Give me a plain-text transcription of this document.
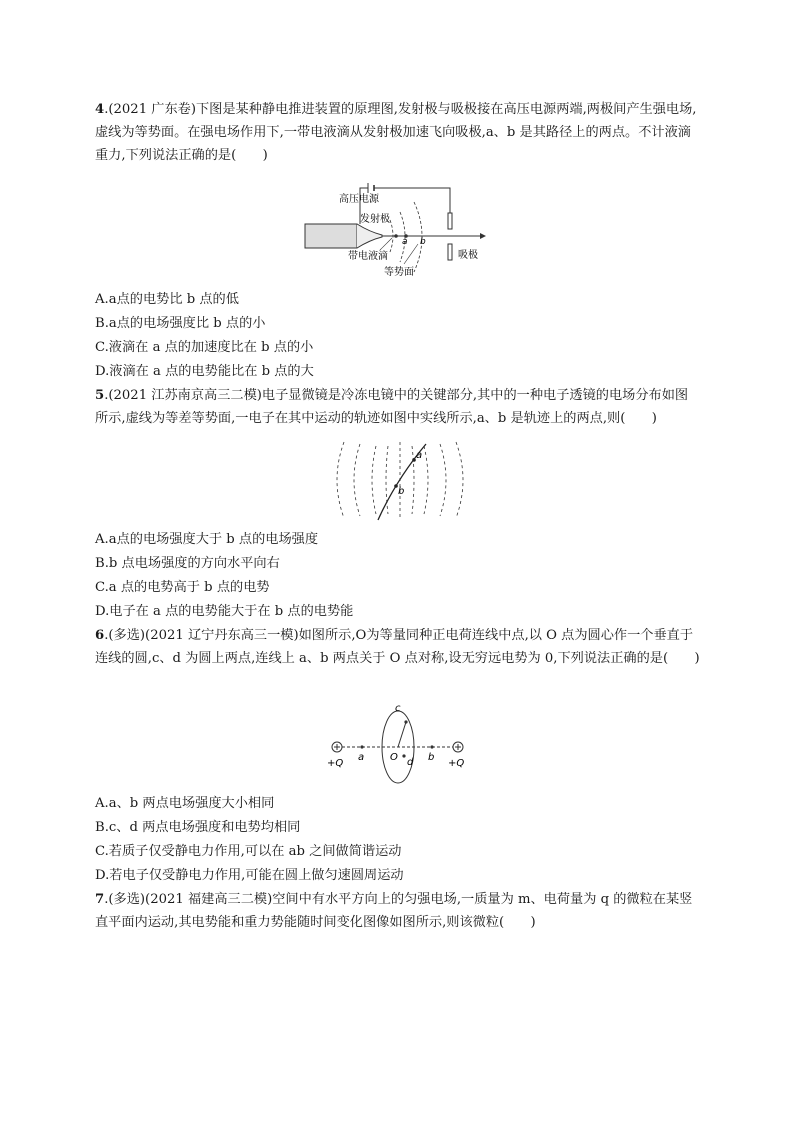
4.(2021 广东卷)下图是某种静电推进装置的原理图,发射极与吸极接在高压电源两端,两极间产生强电场,虚线为等势面。在强电场作用下,一带电液滴从发射极加速飞向吸极,a、b 是其路径上的两点。不计液滴重力,下列说法正确的是(　　)
高压电源
发射极
a b
吸极
带电液滴
等势面
A.a点的电势比 b 点的低
B.a点的电场强度比 b 点的小
C.液滴在 a 点的加速度比在 b 点的小
D.液滴在 a 点的电势能比在 b 点的大
5.(2021 江苏南京高三二模)电子显微镜是冷冻电镜中的关键部分,其中的一种电子透镜的电场分布如图所示,虚线为等差等势面,一电子在其中运动的轨迹如图中实线所示,a、b 是轨迹上的两点,则(　　)
a
b
A.a点的电场强度大于 b 点的电场强度
B.b 点电场强度的方向水平向右
C.a 点的电势高于 b 点的电势
D.电子在 a 点的电势能大于在 b 点的电势能
6.(多选)(2021 辽宁丹东高三一模)如图所示,O为等量同种正电荷连线中点,以 O 点为圆心作一个垂直于连线的圆,c、d 为圆上两点,连线上 a、b 两点关于 O 点对称,设无穷远电势为 0,下列说法正确的是(　　)
+Q	+Q
a	O	b
c
d
A.a、b 两点电场强度大小相同
B.c、d 两点电场强度和电势均相同
C.若质子仅受静电力作用,可以在 ab 之间做简谐运动
D.若电子仅受静电力作用,可能在圆上做匀速圆周运动
7.(多选)(2021 福建高三二模)空间中有水平方向上的匀强电场,一质量为 m、电荷量为 q 的微粒在某竖直平面内运动,其电势能和重力势能随时间变化图像如图所示,则该微粒(　　)
